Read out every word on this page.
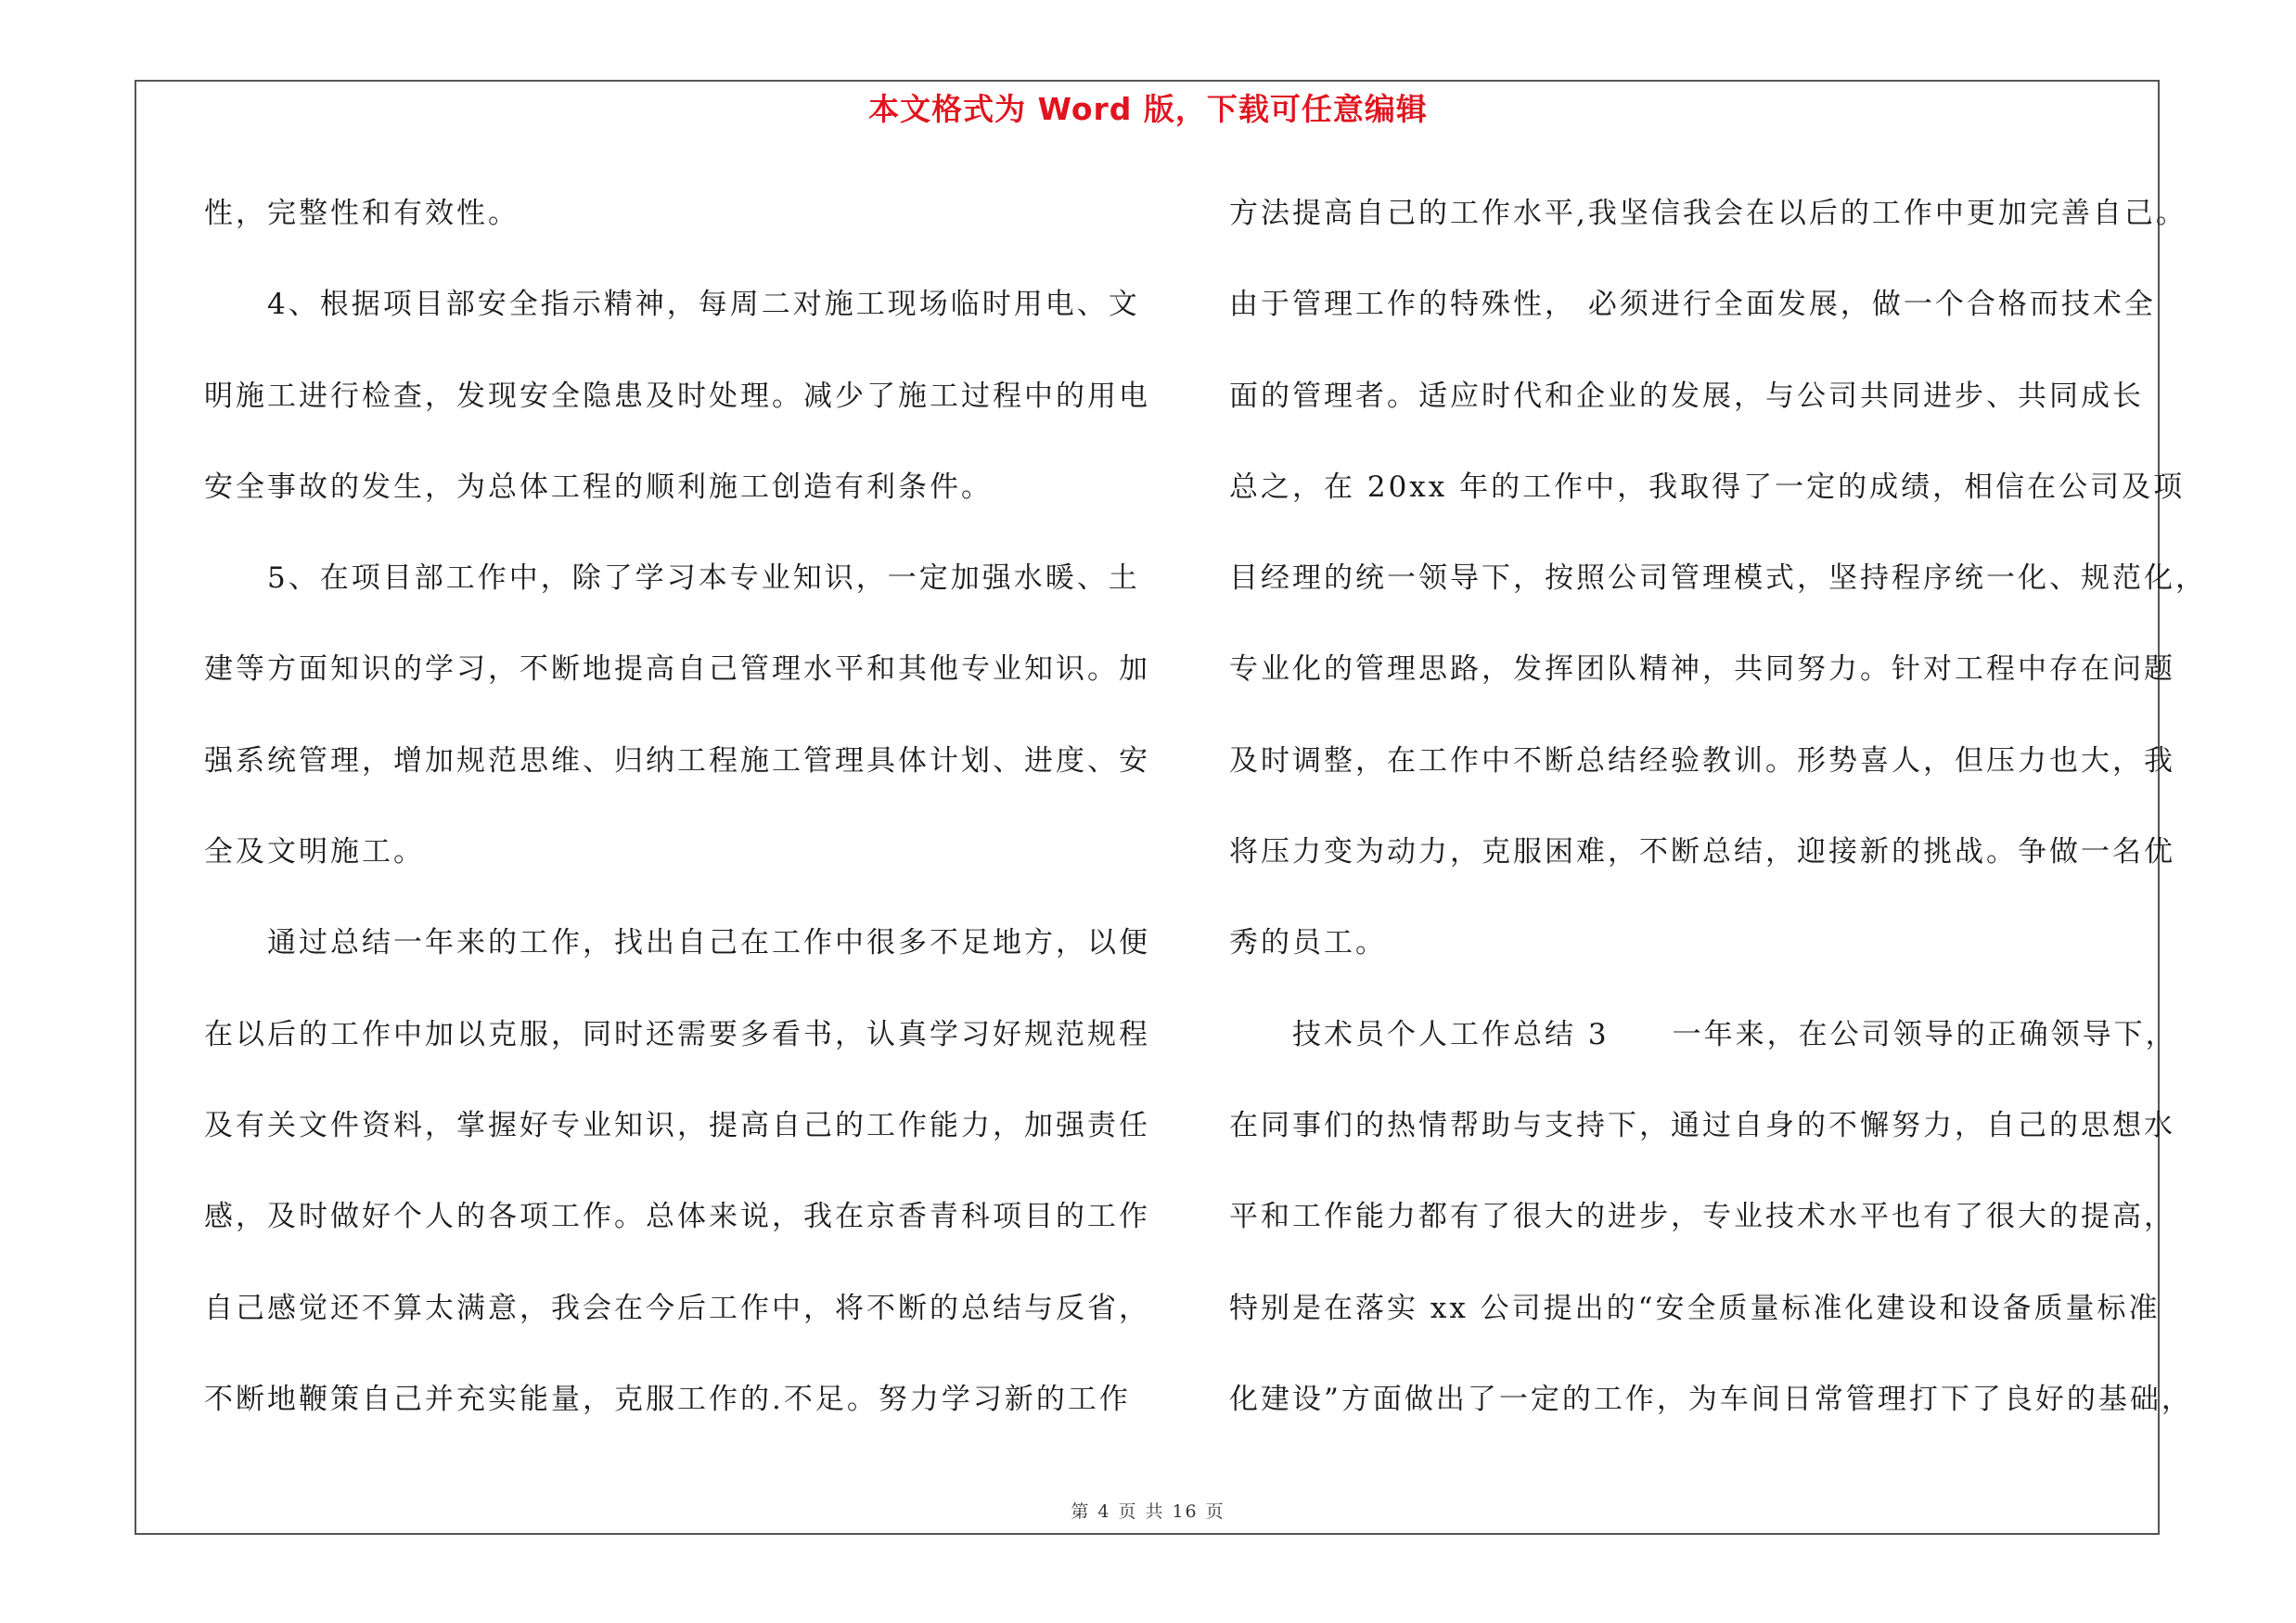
本文格式为 Word 版，下载可任意编辑
性，完整性和有效性。
　　4、根据项目部安全指示精神，每周二对施工现场临时用电、文
明施工进行检查，发现安全隐患及时处理。减少了施工过程中的用电
安全事故的发生，为总体工程的顺利施工创造有利条件。
　　5、在项目部工作中，除了学习本专业知识，一定加强水暖、土
建等方面知识的学习，不断地提高自己管理水平和其他专业知识。加
强系统管理，增加规范思维、归纳工程施工管理具体计划、进度、安
全及文明施工。
　　通过总结一年来的工作，找出自己在工作中很多不足地方，以便
在以后的工作中加以克服，同时还需要多看书，认真学习好规范规程
及有关文件资料，掌握好专业知识，提高自己的工作能力，加强责任
感，及时做好个人的各项工作。总体来说，我在京香青科项目的工作
自己感觉还不算太满意，我会在今后工作中，将不断的总结与反省，
不断地鞭策自己并充实能量，克服工作的.不足。努力学习新的工作
方法提高自己的工作水平,我坚信我会在以后的工作中更加完善自己。
由于管理工作的特殊性， 必须进行全面发展，做一个合格而技术全
面的管理者。适应时代和企业的发展，与公司共同进步、共同成长
总之，在 20xx 年的工作中，我取得了一定的成绩，相信在公司及项
目经理的统一领导下，按照公司管理模式，坚持程序统一化、规范化，
专业化的管理思路，发挥团队精神，共同努力。针对工程中存在问题
及时调整，在工作中不断总结经验教训。形势喜人，但压力也大，我
将压力变为动力，克服困难，不断总结，迎接新的挑战。争做一名优
秀的员工。
　　技术员个人工作总结 3　　一年来，在公司领导的正确领导下，
在同事们的热情帮助与支持下，通过自身的不懈努力，自己的思想水
平和工作能力都有了很大的进步，专业技术水平也有了很大的提高，
特别是在落实 xx 公司提出的“安全质量标准化建设和设备质量标准
化建设”方面做出了一定的工作，为车间日常管理打下了良好的基础，
第 4 页 共 16 页
